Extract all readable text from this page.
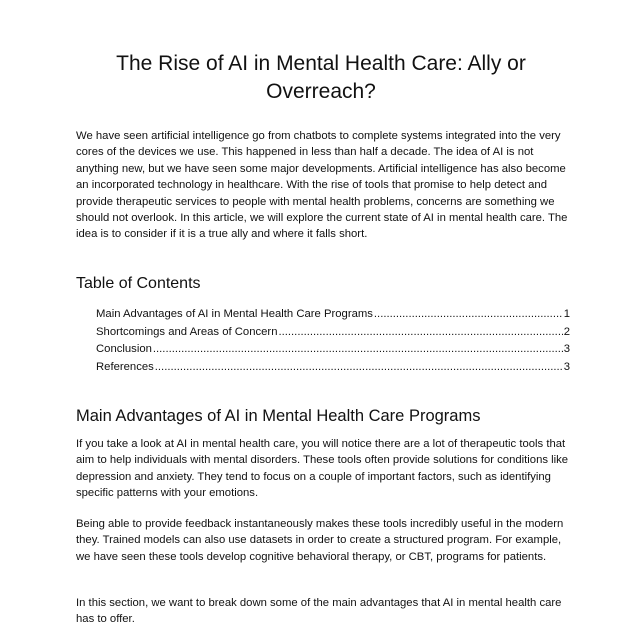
The Rise of AI in Mental Health Care: Ally or Overreach?

We have seen artificial intelligence go from chatbots to complete systems integrated into the very cores of the devices we use. This happened in less than half a decade. The idea of AI is not anything new, but we have seen some major developments. Artificial intelligence has also become an incorporated technology in healthcare. With the rise of tools that promise to help detect and provide therapeutic services to people with mental health problems, concerns are something we should not overlook. In this article, we will explore the current state of AI in mental health care. The idea is to consider if it is a true ally and where it falls short.

Table of Contents
Main Advantages of AI in Mental Health Care Programs .....	1
Shortcomings and Areas of Concern .....	2
Conclusion .....	3
References .....	3
Main Advantages of AI in Mental Health Care Programs

If you take a look at AI in mental health care, you will notice there are a lot of therapeutic tools that aim to help individuals with mental disorders. These tools often provide solutions for conditions like depression and anxiety. They tend to focus on a couple of important factors, such as identifying specific patterns with your emotions.

Being able to provide feedback instantaneously makes these tools incredibly useful in the modern they. Trained models can also use datasets in order to create a structured program. For example, we have seen these tools develop cognitive behavioral therapy, or CBT, programs for patients.

In this section, we want to break down some of the main advantages that AI in mental health care has to offer.
